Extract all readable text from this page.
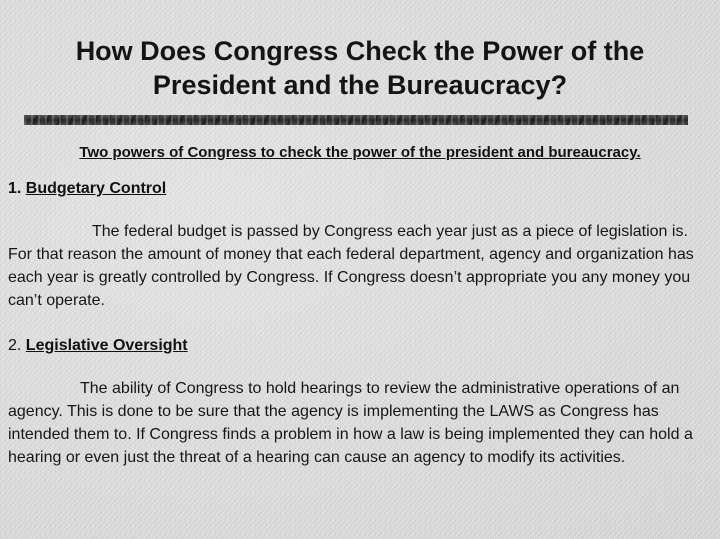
How Does Congress Check the Power of the
President and the Bureaucracy?

Two powers of Congress to check the power of the president and bureaucracy.

1. Budgetary Control

The federal budget is passed by Congress each year just as a piece of legislation is. For that reason the amount of money that each federal department, agency and organization has each year is greatly controlled by Congress. If Congress doesn’t appropriate you any money you can’t operate.

2. Legislative Oversight

The ability of Congress to hold hearings to review the administrative operations of an agency. This is done to be sure that the agency is implementing the LAWS as Congress has intended them to. If Congress finds a problem in how a law is being implemented they can hold a hearing or even just the threat of a hearing can cause an agency to modify its activities.
